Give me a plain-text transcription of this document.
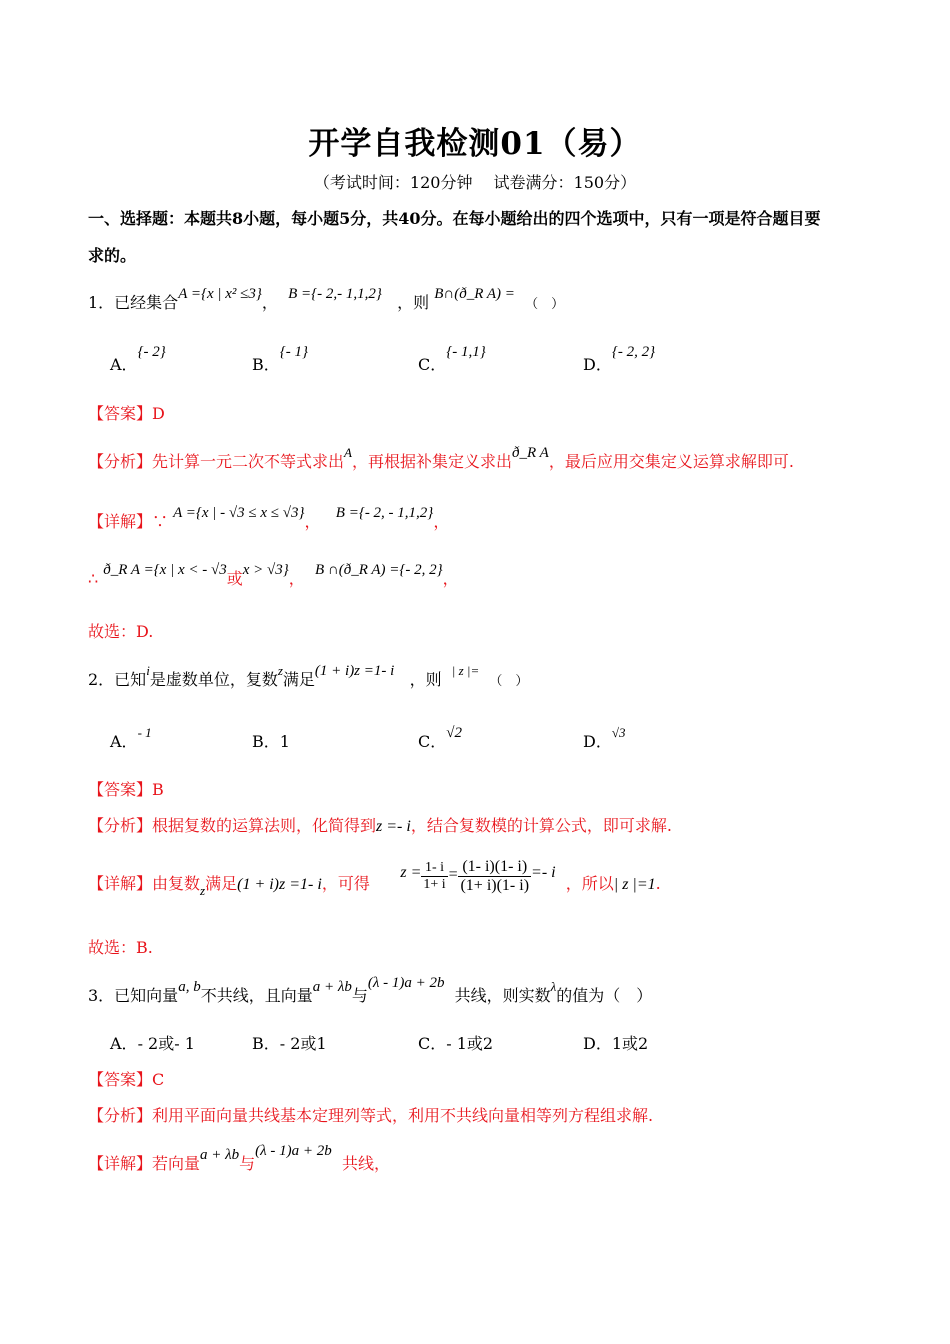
开学自我检测01（易）
（考试时间：120分钟　 试卷满分：150分）
一、选择题：本题共8小题，每小题5分，共40分。在每小题给出的四个选项中，只有一项是符合题目要
求的。
1．已经集合A ={x | x² ≤3}， B ={- 2,- 1,1,2} ，则 B∩(ð_R A) =  （　）
A．{- 2}
B．{- 1}
C．{- 1,1}
D．{- 2, 2}
【答案】D
【分析】先计算一元二次不等式求出$^A$，再根据补集定义求出ð_R A，最后应用交集定义运算求解即可.
【详解】∵ A ={x | - √3 ≤ x ≤ √3}， B ={- 2, - 1,1,2}，
∴ ð_R A ={x | x < - √3或x > √3}， B ∩(ð_R A) ={- 2, 2}，
故选：D.
2．已知$^i$是虚数单位，复数$^z$满足(1 + i)z =1- i ，则 $^{| z |=}$  （　）
A．$^{- 1}$	B．1	C．√2	D．$^{√3}$
【答案】B
【分析】根据复数的运算法则，化简得到z =- i，结合复数模的计算公式，即可求解.
【详解】由复数$_z$满足(1 + i)z =1- i，可得      $z = \frac{1- i}{1+ i} = \frac{(1- i)(1- i)}{(1+ i)(1- i)} =- i$  ，所以| z |=1.
故选：B.
3．已知向量a, b不共线，且向量a + λb与(λ - 1)a + 2b  共线，则实数$^\lambda$的值为（　）
A．- 2或- 1	B．- 2或1	C．- 1或2	D．1或2
【答案】C
【分析】利用平面向量共线基本定理列等式，利用不共线向量相等列方程组求解.
【详解】若向量a + λb与(λ - 1)a + 2b  共线，
